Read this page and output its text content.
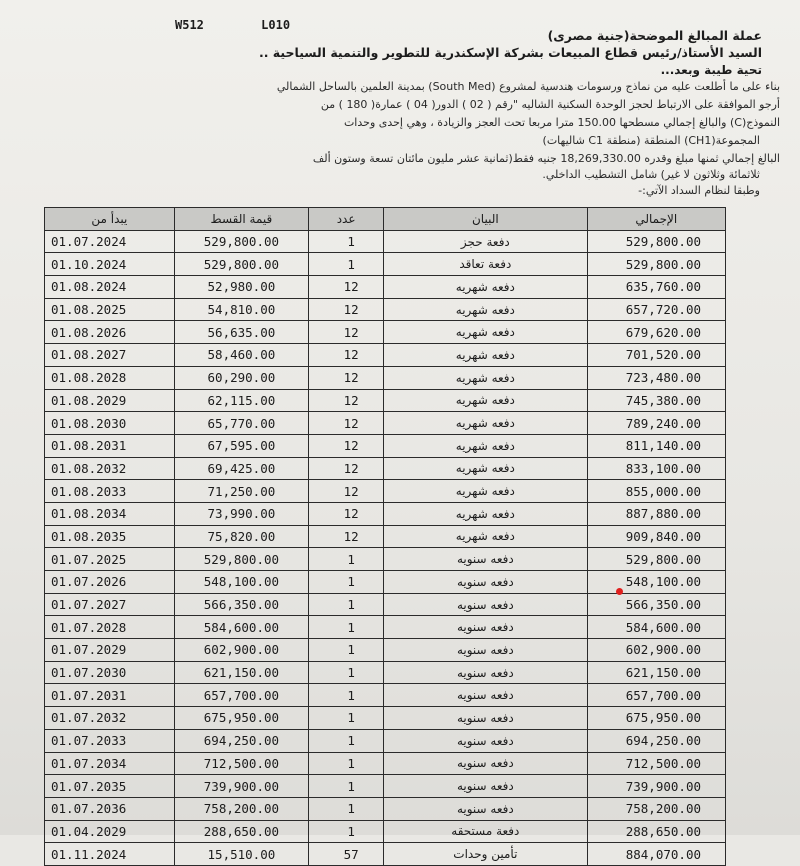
W512	L010
عملة المبالغ الموضحة(جنية مصرى)
السيد الأستاذ/رئيس قطاع المبيعات بشركة الإسكندرية للتطوير والتنمية السياحية ..
تحية طيبة وبعد...
بناء على ما أطلعت عليه من نماذج ورسومات هندسية لمشروع (South Med) بمدينة العلمين بالساحل الشمالي
أرجو الموافقة على الارتباط لحجز الوحدة السكنية الشاليه "رقم ( 02 ) الدور( 04 ) عمارة( 180 ) من
النموذج(C) والبالغ إجمالي مسطحها 150.00 مترا مربعا تحت العجز والزيادة ، وهي إحدى وحدات
المجموعة(CH1) المنطقة (منطقة C1 شاليهات)
البالغ إجمالي ثمنها مبلغ وقدره 18,269,330.00 جنيه فقط(ثمانية عشر مليون مائتان تسعة وستون ألف
ثلاثمائة وثلاثون لا غير) شامل التشطيب الداخلي.
وطبقا لنظام السداد الآتي:-
يبدأ من	قيمة القسط	عدد	البيان	الإجمالي
01.07.2024	529,800.00	1	دفعة حجز	529,800.00
01.10.2024	529,800.00	1	دفعة تعاقد	529,800.00
01.08.2024	52,980.00	12	دفعه شهريه	635,760.00
01.08.2025	54,810.00	12	دفعه شهريه	657,720.00
01.08.2026	56,635.00	12	دفعه شهريه	679,620.00
01.08.2027	58,460.00	12	دفعه شهريه	701,520.00
01.08.2028	60,290.00	12	دفعه شهريه	723,480.00
01.08.2029	62,115.00	12	دفعه شهريه	745,380.00
01.08.2030	65,770.00	12	دفعه شهريه	789,240.00
01.08.2031	67,595.00	12	دفعه شهريه	811,140.00
01.08.2032	69,425.00	12	دفعه شهريه	833,100.00
01.08.2033	71,250.00	12	دفعه شهريه	855,000.00
01.08.2034	73,990.00	12	دفعه شهريه	887,880.00
01.08.2035	75,820.00	12	دفعه شهريه	909,840.00
01.07.2025	529,800.00	1	دفعه سنويه	529,800.00
01.07.2026	548,100.00	1	دفعه سنويه	548,100.00
01.07.2027	566,350.00	1	دفعه سنويه	566,350.00
01.07.2028	584,600.00	1	دفعه سنويه	584,600.00
01.07.2029	602,900.00	1	دفعه سنويه	602,900.00
01.07.2030	621,150.00	1	دفعه سنويه	621,150.00
01.07.2031	657,700.00	1	دفعه سنويه	657,700.00
01.07.2032	675,950.00	1	دفعه سنويه	675,950.00
01.07.2033	694,250.00	1	دفعه سنويه	694,250.00
01.07.2034	712,500.00	1	دفعه سنويه	712,500.00
01.07.2035	739,900.00	1	دفعه سنويه	739,900.00
01.07.2036	758,200.00	1	دفعه سنويه	758,200.00
01.04.2029	288,650.00	1	دفعة مستحقه	288,650.00
01.11.2024	15,510.00	57	تأمين وحدات	884,070.00
